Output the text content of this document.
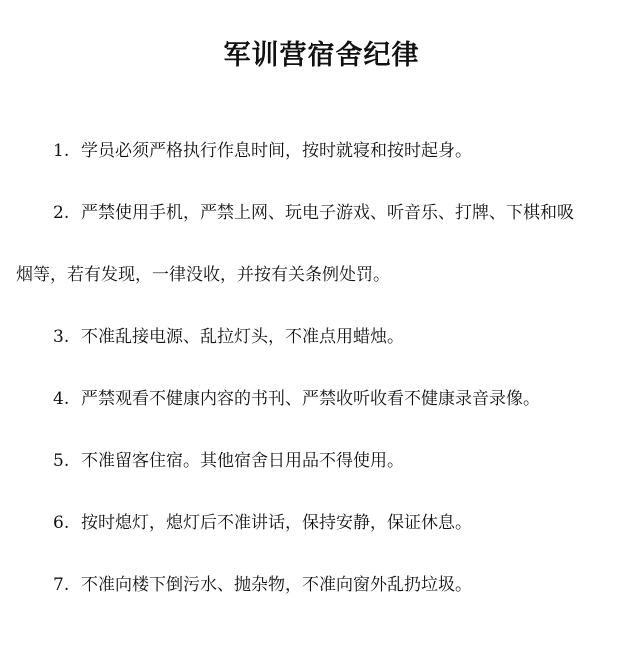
军训营宿舍纪律

1. 学员必须严格执行作息时间，按时就寝和按时起身。

2. 严禁使用手机，严禁上网、玩电子游戏、听音乐、打牌、下棋和吸
烟等，若有发现，一律没收，并按有关条例处罚。

3. 不准乱接电源、乱拉灯头，不准点用蜡烛。

4. 严禁观看不健康内容的书刊、严禁收听收看不健康录音录像。

5. 不准留客住宿。其他宿舍日用品不得使用。

6. 按时熄灯，熄灯后不准讲话，保持安静，保证休息。

7. 不准向楼下倒污水、抛杂物，不准向窗外乱扔垃圾。
